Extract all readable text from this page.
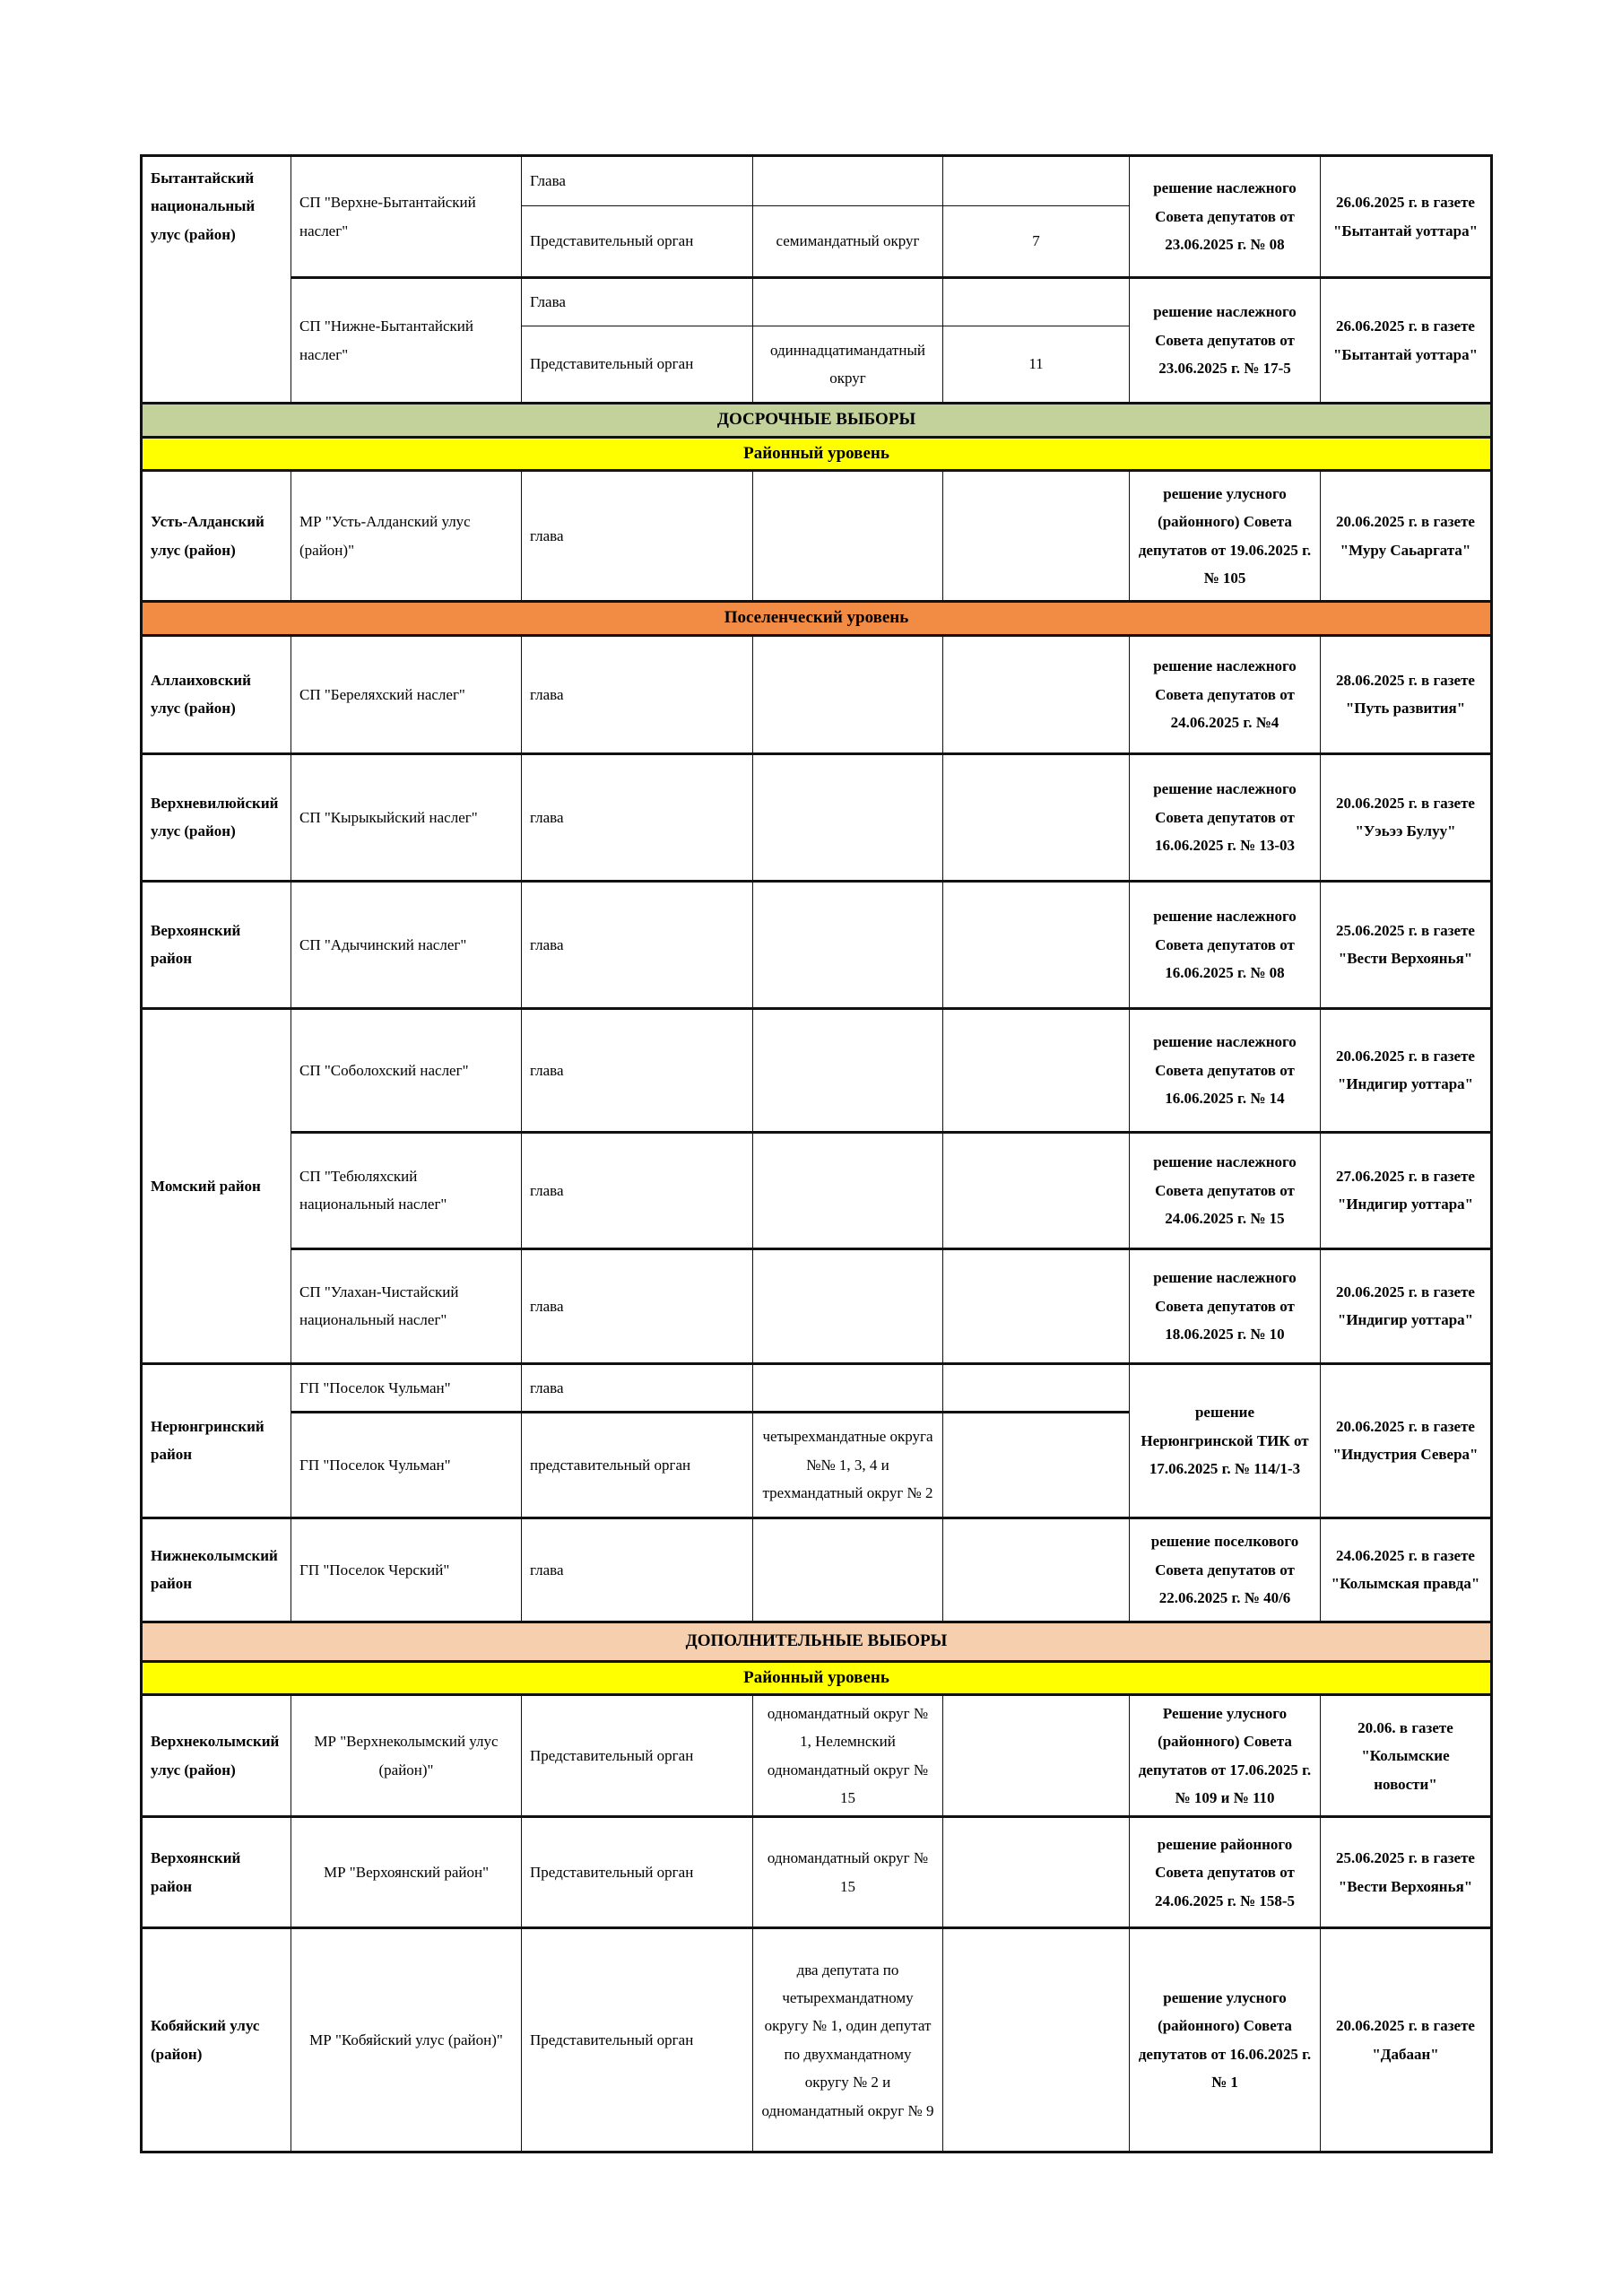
Бытантайский национальный улус (район)	СП "Верхне-Бытантайский наслег"	Глава			решение наслежного Совета депутатов от 23.06.2025 г. № 08	26.06.2025 г. в газете "Бытантай уоттара"
		Представительный орган	семимандатный округ	7		
	СП "Нижне-Бытантайский наслег"	Глава			решение наслежного Совета депутатов от 23.06.2025 г. № 17-5	26.06.2025 г. в газете "Бытантай уоттара"
		Представительный орган	одиннадцатимандатный округ	11		
ДОСРОЧНЫЕ ВЫБОРЫ						
Районный уровень						
Усть-Алданский улус (район)	МР "Усть-Алданский улус (район)"	глава			решение улусного (районного) Совета депутатов от 19.06.2025 г. № 105	20.06.2025 г. в газете "Муру Саьаргата"
Поселенческий уровень						
Аллаиховский улус (район)	СП "Береляхский наслег"	глава			решение наслежного Совета депутатов от 24.06.2025 г. №4	28.06.2025 г. в газете "Путь развития"
Верхневилюйский улус (район)	СП "Кырыкыйский наслег"	глава			решение наслежного Совета депутатов от 16.06.2025 г. № 13-03	20.06.2025 г. в газете "Уэьээ Булуу"
Верхоянский район	СП "Адычинский наслег"	глава			решение наслежного Совета депутатов от 16.06.2025 г. № 08	25.06.2025 г. в газете "Вести Верхоянья"
Момский район	СП "Соболохский наслег"	глава			решение наслежного Совета депутатов от 16.06.2025 г. № 14	20.06.2025 г. в газете "Индигир уоттара"
	СП "Тебюляхский национальный наслег"	глава			решение наслежного Совета депутатов от 24.06.2025 г. № 15	27.06.2025 г. в газете "Индигир уоттара"
	СП "Улахан-Чистайский национальный наслег"	глава			решение наслежного Совета депутатов от 18.06.2025 г. № 10	20.06.2025 г. в газете "Индигир уоттара"
Нерюнгринский район	ГП "Поселок Чульман"	глава			решение Нерюнгринской ТИК от 17.06.2025 г. № 114/1-3	20.06.2025 г. в газете "Индустрия Севера"
	ГП "Поселок Чульман"	представительный орган	четырехмандатные округа №№ 1, 3, 4 и трехмандатный округ № 2			
Нижнеколымский район	ГП "Поселок Черский"	глава			решение поселкового Совета депутатов от 22.06.2025 г. № 40/6	24.06.2025 г. в газете "Колымская правда"
ДОПОЛНИТЕЛЬНЫЕ ВЫБОРЫ						
Районный уровень						
Верхнеколымский улус (район)	МР "Верхнеколымский улус (район)"	Представительный орган	одномандатный округ № 1, Нелемнский одномандатный округ № 15		Решение улусного (районного) Совета депутатов от 17.06.2025 г. № 109 и № 110	20.06. в газете "Колымские новости"
Верхоянский район	МР "Верхоянский район"	Представительный орган	одномандатный округ № 15		решение районного Совета депутатов от 24.06.2025 г. № 158-5	25.06.2025 г. в газете "Вести Верхоянья"
Кобяйский улус (район)	МР "Кобяйский улус (район)"	Представительный орган	два депутата по четырехмандатному округу № 1, один депутат по двухмандатному округу № 2 и одномандатный округ № 9		решение улусного (районного) Совета депутатов от 16.06.2025 г. № 1	20.06.2025 г. в газете "Дабаан"
